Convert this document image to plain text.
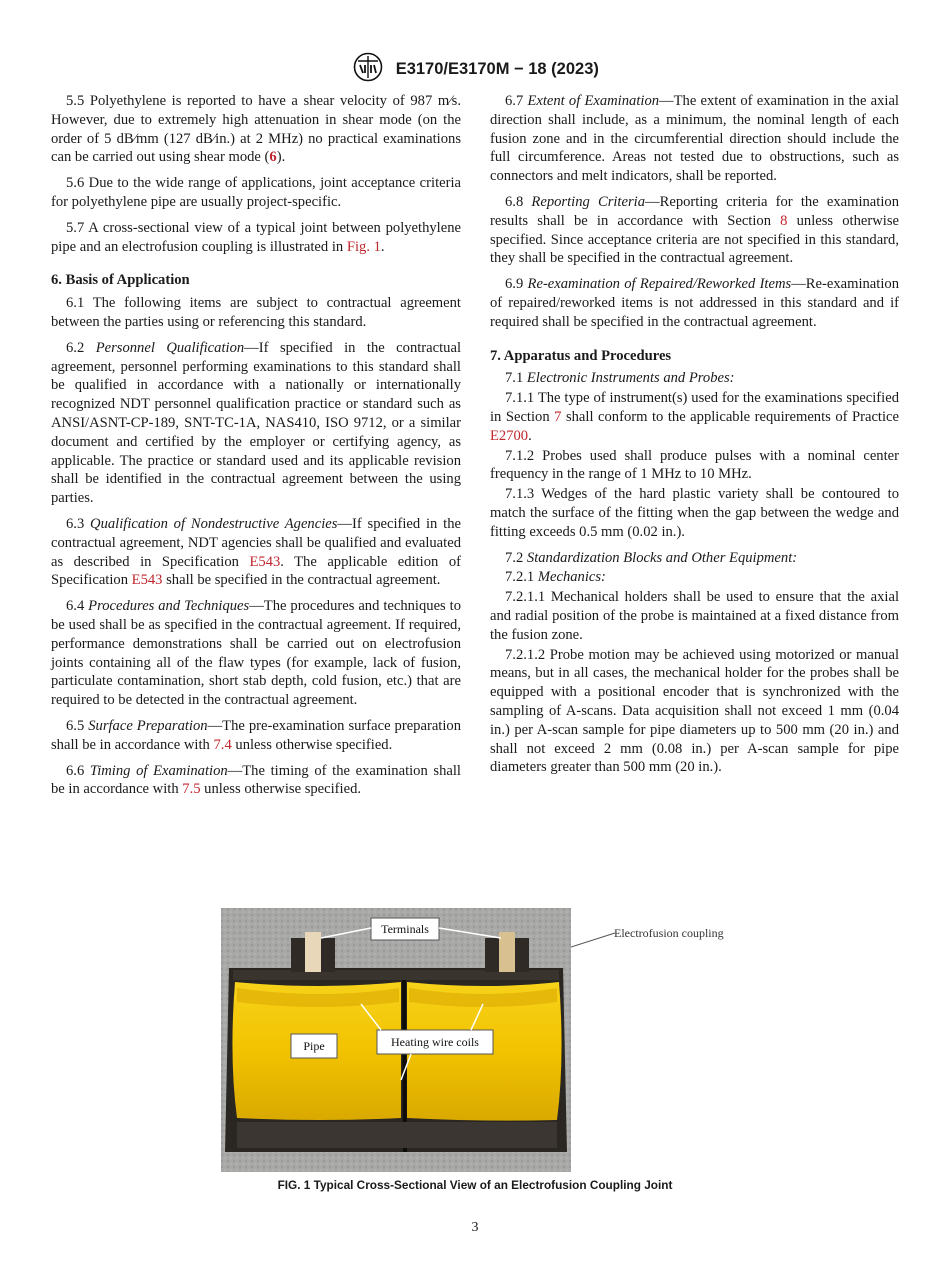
E3170/E3170M − 18 (2023)

5.5 Polyethylene is reported to have a shear velocity of 987 m⁄s. However, due to extremely high attenuation in shear mode (on the order of 5 dB⁄mm (127 dB⁄in.) at 2 MHz) no practical examinations can be carried out using shear mode (6).

5.6 Due to the wide range of applications, joint acceptance criteria for polyethylene pipe are usually project-specific.

5.7 A cross-sectional view of a typical joint between polyethylene pipe and an electrofusion coupling is illustrated in Fig. 1.

6. Basis of Application

6.1 The following items are subject to contractual agreement between the parties using or referencing this standard.

6.2 Personnel Qualification—If specified in the contractual agreement, personnel performing examinations to this standard shall be qualified in accordance with a nationally or internationally recognized NDT personnel qualification practice or standard such as ANSI/ASNT-CP-189, SNT-TC-1A, NAS410, ISO 9712, or a similar document and certified by the employer or certifying agency, as applicable. The practice or standard used and its applicable revision shall be identified in the contractual agreement between the using parties.

6.3 Qualification of Nondestructive Agencies—If specified in the contractual agreement, NDT agencies shall be qualified and evaluated as described in Specification E543. The applicable edition of Specification E543 shall be specified in the contractual agreement.

6.4 Procedures and Techniques—The procedures and techniques to be used shall be as specified in the contractual agreement. If required, performance demonstrations shall be carried out on electrofusion joints containing all of the flaw types (for example, lack of fusion, particulate contamination, short stab depth, cold fusion, etc.) that are required to be detected in the contractual agreement.

6.5 Surface Preparation—The pre-examination surface preparation shall be in accordance with 7.4 unless otherwise specified.

6.6 Timing of Examination—The timing of the examination shall be in accordance with 7.5 unless otherwise specified.

6.7 Extent of Examination—The extent of examination in the axial direction shall include, as a minimum, the nominal length of each fusion zone and in the circumferential direction should include the full circumference. Areas not tested due to obstructions, such as connectors and melt indicators, shall be reported.

6.8 Reporting Criteria—Reporting criteria for the examination results shall be in accordance with Section 8 unless otherwise specified. Since acceptance criteria are not specified in this standard, they shall be specified in the contractual agreement.

6.9 Re-examination of Repaired/Reworked Items—Re-examination of repaired/reworked items is not addressed in this standard and if required shall be specified in the contractual agreement.

7. Apparatus and Procedures

7.1 Electronic Instruments and Probes:

7.1.1 The type of instrument(s) used for the examinations specified in Section 7 shall conform to the applicable requirements of Practice E2700.

7.1.2 Probes used shall produce pulses with a nominal center frequency in the range of 1 MHz to 10 MHz.

7.1.3 Wedges of the hard plastic variety shall be contoured to match the surface of the fitting when the gap between the wedge and fitting exceeds 0.5 mm (0.02 in.).

7.2 Standardization Blocks and Other Equipment:

7.2.1 Mechanics:

7.2.1.1 Mechanical holders shall be used to ensure that the axial and radial position of the probe is maintained at a fixed distance from the fusion zone.

7.2.1.2 Probe motion may be achieved using motorized or manual means, but in all cases, the mechanical holder for the probes shall be equipped with a positional encoder that is synchronized with the sampling of A-scans. Data acquisition shall not exceed 1 mm (0.04 in.) per A-scan sample for pipe diameters up to 500 mm (20 in.) and shall not exceed 2 mm (0.08 in.) per A-scan sample for pipe diameters greater than 500 mm (20 in.).

Terminals
Pipe	Heating wire coils
Electrofusion coupling
FIG. 1 Typical Cross-Sectional View of an Electrofusion Coupling Joint
3
